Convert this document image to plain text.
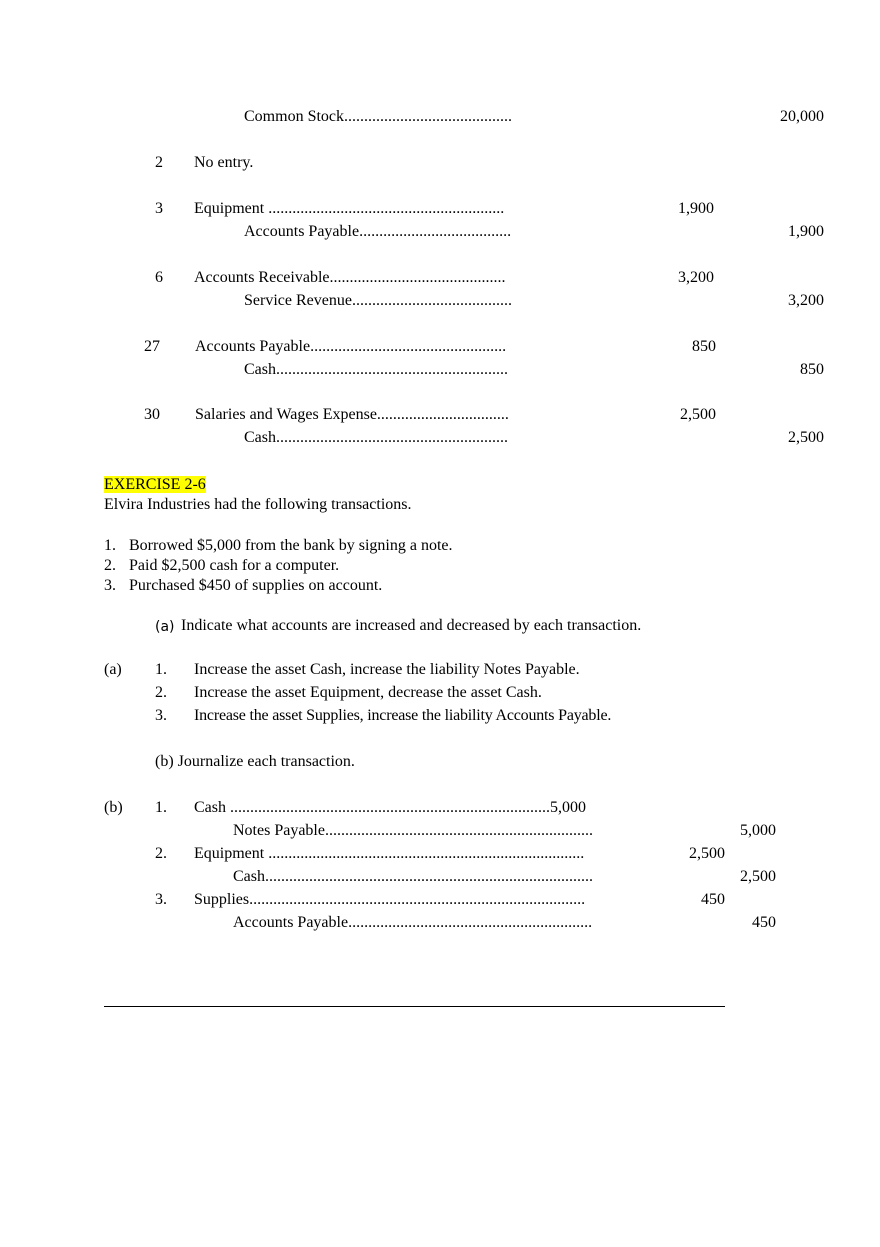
Common Stock..........................................	20,000
2 No entry.
3 Equipment ...........................................................	1,900
Accounts Payable......................................	1,900
6 Accounts Receivable............................................	3,200
Service Revenue........................................	3,200
27 Accounts Payable.................................................	850
Cash..........................................................	850
30 Salaries and Wages Expense.................................	2,500
Cash..........................................................	2,500
EXERCISE 2-6
Elvira Industries had the following transactions.
1. Borrowed $5,000 from the bank by signing a note.
2. Paid $2,500 cash for a computer.
3. Purchased $450 of supplies on account.
(a) Indicate what accounts are increased and decreased by each transaction.
(a) 1. Increase the asset Cash, increase the liability Notes Payable.
2. Increase the asset Equipment, decrease the asset Cash.
3. Increase the asset Supplies, increase the liability Accounts Payable.
(b) Journalize each transaction.
(b) 1. Cash ................................................................................5,000
Notes Payable...................................................................	5,000
2. Equipment ...............................................................................	2,500
Cash..................................................................................	2,500
3. Supplies....................................................................................	450
Accounts Payable.............................................................	450
